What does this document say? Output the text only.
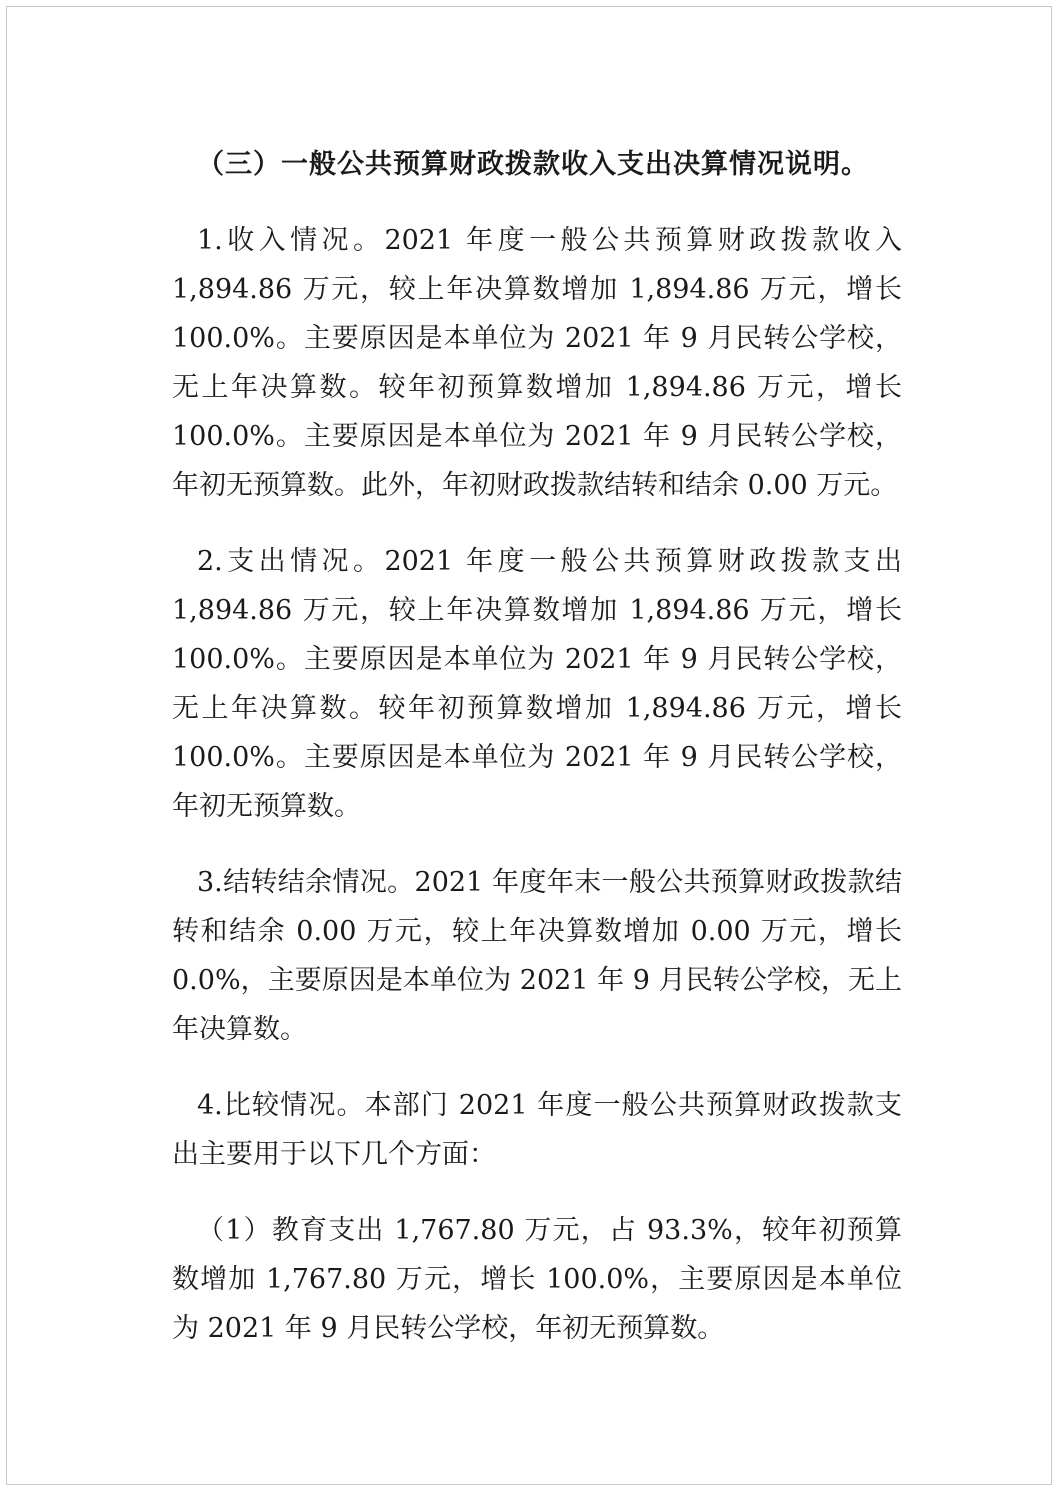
（三）一般公共预算财政拨款收入支出决算情况说明。

1.收入情况。2021 年度一般公共预算财政拨款收入 1,894.86 万元，较上年决算数增加 1,894.86 万元，增长 100.0%。主要原因是本单位为 2021 年 9 月民转公学校，无上年决算数。较年初预算数增加 1,894.86 万元，增长 100.0%。主要原因是本单位为 2021 年 9 月民转公学校，年初无预算数。此外，年初财政拨款结转和结余 0.00 万元。

2.支出情况。2021 年度一般公共预算财政拨款支出 1,894.86 万元，较上年决算数增加 1,894.86 万元，增长 100.0%。主要原因是本单位为 2021 年 9 月民转公学校，无上年决算数。较年初预算数增加 1,894.86 万元，增长 100.0%。主要原因是本单位为 2021 年 9 月民转公学校，年初无预算数。

3.结转结余情况。2021 年度年末一般公共预算财政拨款结转和结余 0.00 万元，较上年决算数增加 0.00 万元，增长 0.0%，主要原因是本单位为 2021 年 9 月民转公学校，无上年决算数。

4.比较情况。本部门 2021 年度一般公共预算财政拨款支出主要用于以下几个方面：

（1）教育支出 1,767.80 万元，占 93.3%，较年初预算数增加 1,767.80 万元，增长 100.0%，主要原因是本单位为 2021 年 9 月民转公学校，年初无预算数。
